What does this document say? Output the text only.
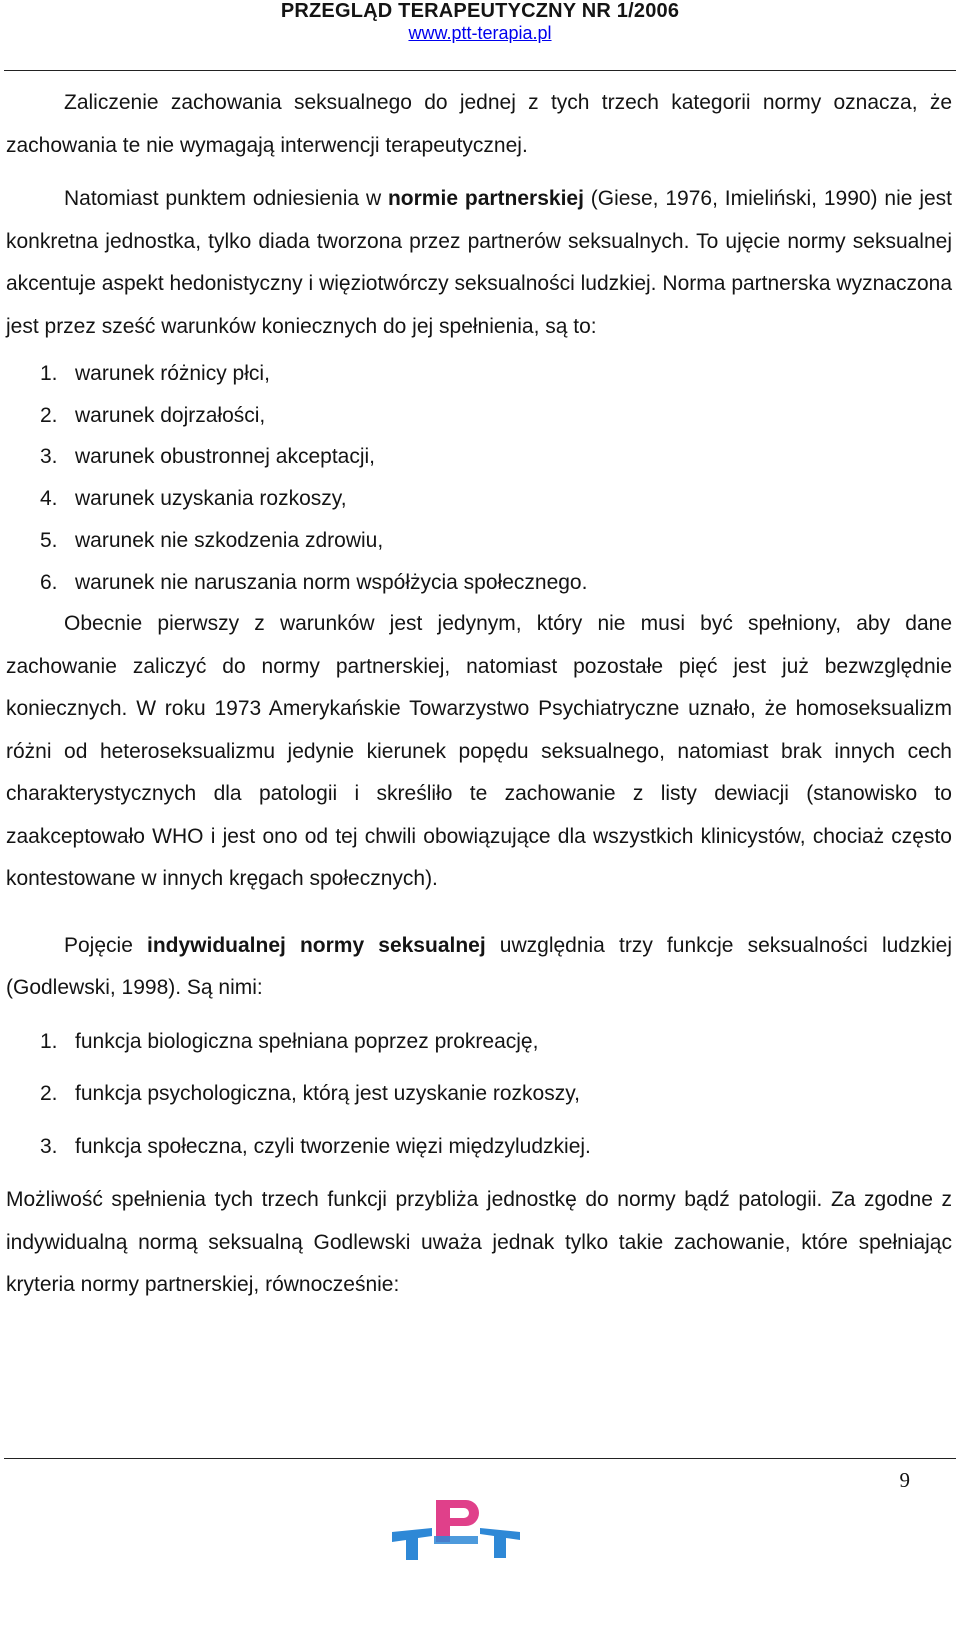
PRZEGLĄD TERAPEUTYCZNY NR 1/2006
www.ptt-terapia.pl

Zaliczenie zachowania seksualnego do jednej z tych trzech kategorii normy oznacza, że zachowania te nie wymagają interwencji terapeutycznej.

Natomiast punktem odniesienia w normie partnerskiej (Giese, 1976, Imieliński, 1990) nie jest konkretna jednostka, tylko diada tworzona przez partnerów seksualnych. To ujęcie normy seksualnej akcentuje aspekt hedonistyczny i więziotwórczy seksualności ludzkiej. Norma partnerska wyznaczona jest przez sześć warunków koniecznych do jej spełnienia, są to:

1. warunek różnicy płci,
2. warunek dojrzałości,
3. warunek obustronnej akceptacji,
4. warunek uzyskania rozkoszy,
5. warunek nie szkodzenia zdrowiu,
6. warunek nie naruszania norm współżycia społecznego.

Obecnie pierwszy z warunków jest jedynym, który nie musi być spełniony, aby dane zachowanie zaliczyć do normy partnerskiej, natomiast pozostałe pięć jest już bezwzględnie koniecznych. W roku 1973 Amerykańskie Towarzystwo Psychiatryczne uznało, że homoseksualizm różni od heteroseksualizmu jedynie kierunek popędu seksualnego, natomiast brak innych cech charakterystycznych dla patologii i skreśliło te zachowanie z listy dewiacji (stanowisko to zaakceptowało WHO i jest ono od tej chwili obowiązujące dla wszystkich klinicystów, chociaż często kontestowane w innych kręgach społecznych).

Pojęcie indywidualnej normy seksualnej uwzględnia trzy funkcje seksualności ludzkiej (Godlewski, 1998). Są nimi:

1. funkcja biologiczna spełniana poprzez prokreację,
2. funkcja psychologiczna, którą jest uzyskanie rozkoszy,
3. funkcja społeczna, czyli tworzenie więzi międzyludzkiej.

Możliwość spełnienia tych trzech funkcji przybliża jednostkę do normy bądź patologii. Za zgodne z indywidualną normą seksualną Godlewski uważa jednak tylko takie zachowanie, które spełniając kryteria normy partnerskiej, równocześnie:

9
